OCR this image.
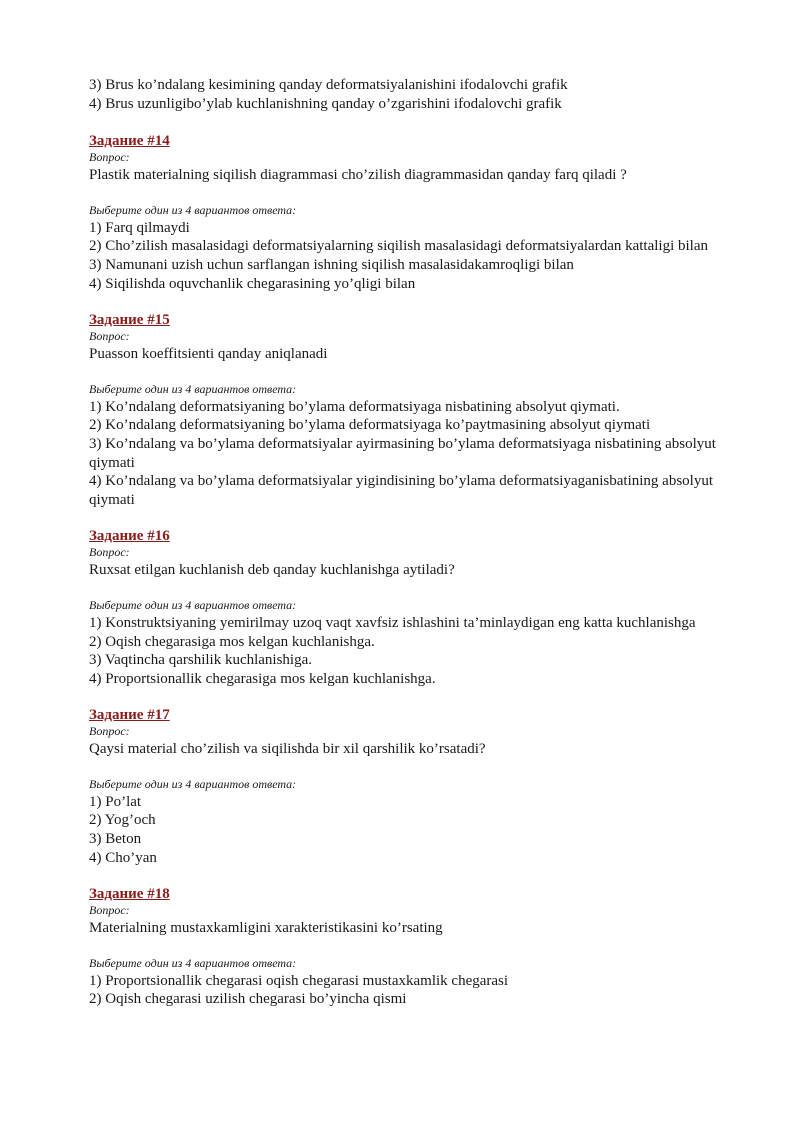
3) Brus ko’ndalang kesimining qanday deformatsiyalanishini ifodalovchi grafik

4) Brus uzunligibo’ylab kuchlanishning qanday o’zgarishini ifodalovchi grafik

Задание #14

Вопрос:

Plastik materialning siqilish diagrammasi cho’zilish diagrammasidan qanday farq qiladi ?

Выберите один из 4 вариантов ответа:

1) Farq qilmaydi
2) Cho’zilish masalasidagi deformatsiyalarning siqilish masalasidagi deformatsiyalardan kattaligi bilan
3) Namunani uzish uchun sarflangan ishning siqilish masalasidakamroqligi bilan
4) Siqilishda oquvchanlik chegarasining yo’qligi bilan

Задание #15

Вопрос:

Puasson koeffitsienti qanday aniqlanadi

Выберите один из 4 вариантов ответа:

1) Ko’ndalang deformatsiyaning bo’ylama deformatsiyaga nisbatining absolyut qiymati.
2) Ko’ndalang deformatsiyaning bo’ylama deformatsiyaga ko’paytmasining absolyut qiymati
3) Ko’ndalang va bo’ylama deformatsiyalar ayirmasining bo’ylama deformatsiyaga nisbatining absolyut qiymati
4) Ko’ndalang va bo’ylama deformatsiyalar yigindisining bo’ylama deformatsiyaganisbatining absolyut qiymati

Задание #16

Вопрос:

Ruxsat etilgan kuchlanish deb qanday kuchlanishga aytiladi?

Выберите один из 4 вариантов ответа:

1) Konstruktsiyaning yemirilmay uzoq vaqt xavfsiz ishlashini ta’minlaydigan eng katta kuchlanishga
2) Oqish chegarasiga mos kelgan kuchlanishga.
3) Vaqtincha qarshilik kuchlanishiga.
4) Proportsionallik chegarasiga mos kelgan kuchlanishga.

Задание #17

Вопрос:

Qaysi material cho’zilish va siqilishda bir xil qarshilik ko’rsatadi?

Выберите один из 4 вариантов ответа:

1) Po’lat
2) Yog’och
3) Beton
4) Cho’yan

Задание #18

Вопрос:

Materialning mustaxkamligini xarakteristikasini ko’rsating

Выберите один из 4 вариантов ответа:

1) Proportsionallik chegarasi oqish chegarasi mustaxkamlik chegarasi
2) Oqish chegarasi uzilish chegarasi bo’yincha qismi
